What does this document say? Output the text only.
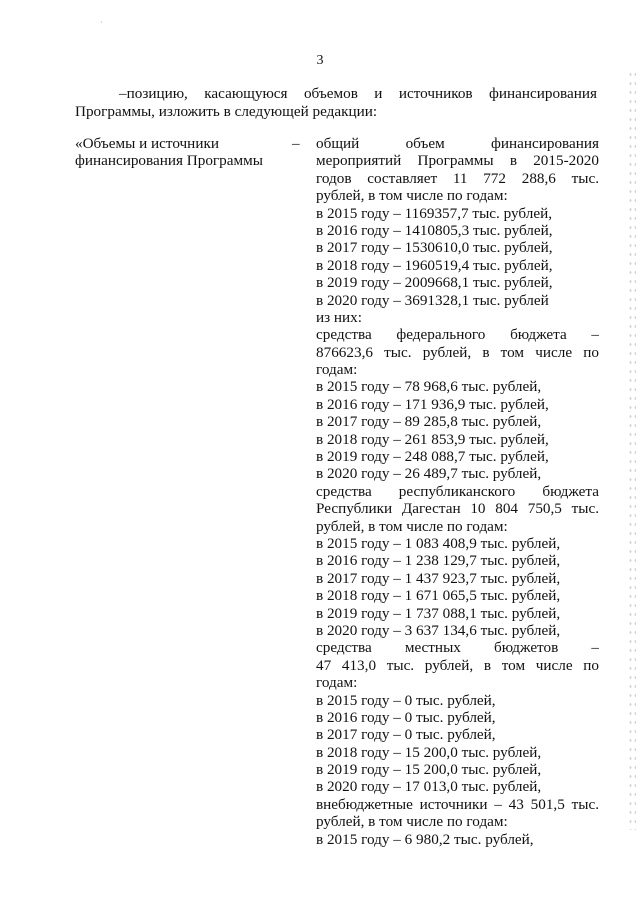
·
3
–позицию, касающуюся объемов и источников финансирования
Программы, изложить в следующей редакции:
«Объемы и источники
финансирования Программы
– общий объем финансирования
мероприятий Программы в 2015-2020
годов составляет 11 772 288,6 тыс.
рублей, в том числе по годам:
в 2015 году – 1169357,7 тыс. рублей,
в 2016 году – 1410805,3 тыс. рублей,
в 2017 году – 1530610,0 тыс. рублей,
в 2018 году – 1960519,4 тыс. рублей,
в 2019 году – 2009668,1 тыс. рублей,
в 2020 году – 3691328,1 тыс. рублей
из них:
средства федерального бюджета –
876623,6 тыс. рублей, в том числе по
годам:
в 2015 году – 78 968,6 тыс. рублей,
в 2016 году – 171 936,9 тыс. рублей,
в 2017 году – 89 285,8 тыс. рублей,
в 2018 году – 261 853,9 тыс. рублей,
в 2019 году – 248 088,7 тыс. рублей,
в 2020 году – 26 489,7 тыс. рублей,
средства республиканского бюджета
Республики Дагестан 10 804 750,5 тыс.
рублей, в том числе по годам:
в 2015 году – 1 083 408,9 тыс. рублей,
в 2016 году – 1 238 129,7 тыс. рублей,
в 2017 году – 1 437 923,7 тыс. рублей,
в 2018 году – 1 671 065,5 тыс. рублей,
в 2019 году – 1 737 088,1 тыс. рублей,
в 2020 году – 3 637 134,6 тыс. рублей,
средства местных бюджетов –
47 413,0 тыс. рублей, в том числе по
годам:
в 2015 году – 0 тыс. рублей,
в 2016 году – 0 тыс. рублей,
в 2017 году – 0 тыс. рублей,
в 2018 году – 15 200,0 тыс. рублей,
в 2019 году – 15 200,0 тыс. рублей,
в 2020 году – 17 013,0 тыс. рублей,
внебюджетные источники – 43 501,5 тыс.
рублей, в том числе по годам:
в 2015 году – 6 980,2 тыс. рублей,
